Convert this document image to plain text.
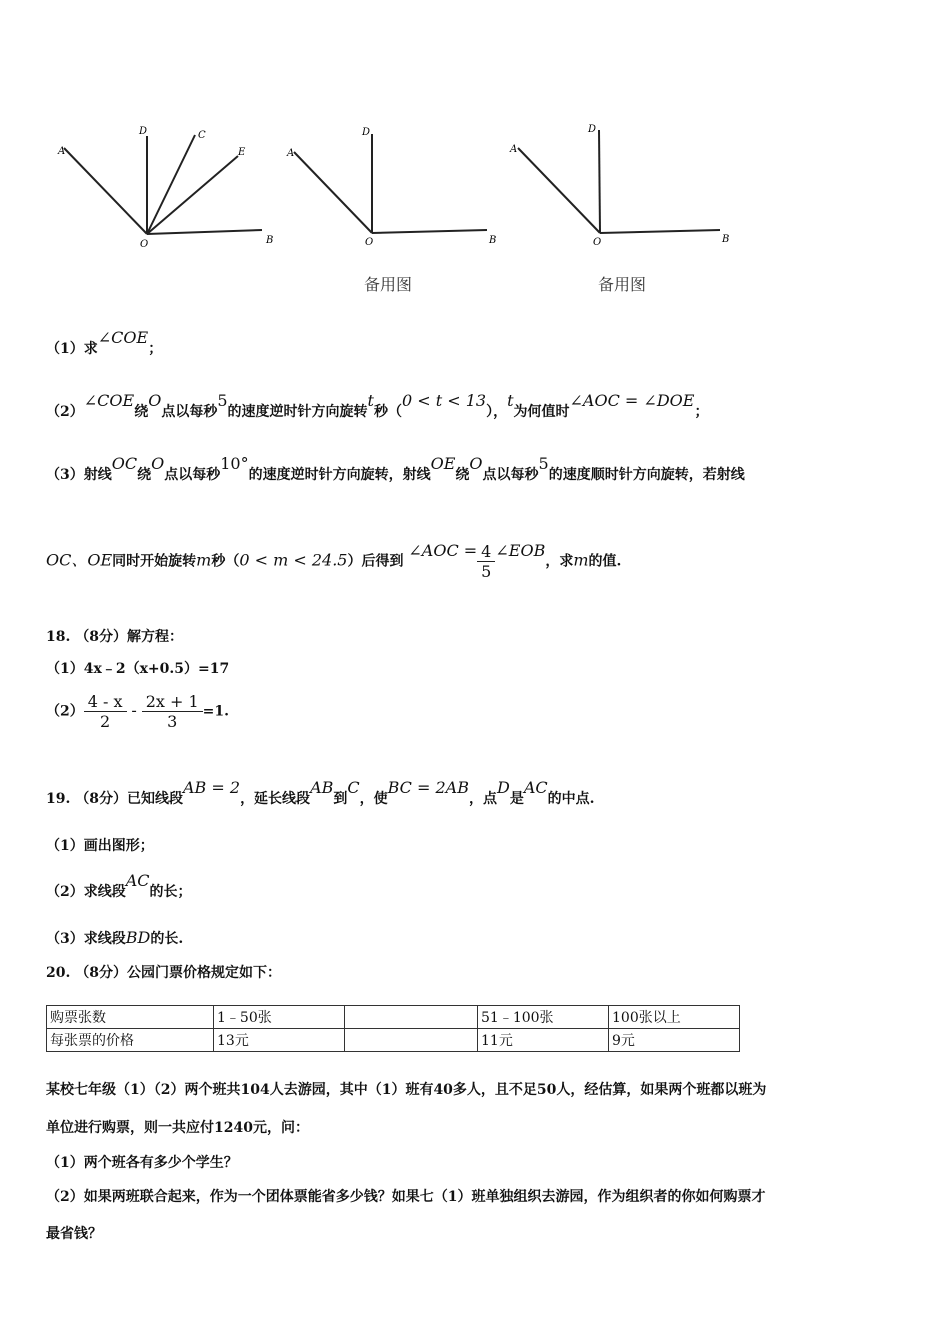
A
D	C
E
O	B
A
D
O	B
A
D
O	B
备用图	备用图
（1）求∠COE；
（2）∠COE绕O点以每秒5的速度逆时针方向旋转t秒（0 < t < 13），t为何值时∠AOC = ∠DOE；
（3）射线OC绕O点以每秒10°的速度逆时针方向旋转，射线OE绕O点以每秒5的速度顺时针方向旋转，若射线
OC、OE同时开始旋转m秒（0 < m < 24.5）后得到 ∠AOC = $\frac{4}{5}$ ∠EOB，求m的值.
18. （8分）解方程：
（1）4x﹣2（x+0.5）=17
$(2) \frac{4 - x}{2} - \frac{2x + 1}{3} =1$.
19. （8分）已知线段AB = 2，延长线段AB到C，使BC = 2AB，点D是AC的中点.
（1）画出图形；
（2）求线段AC的长；
（3）求线段BD的长.
20. （8分）公园门票价格规定如下：
购票张数	1﹣50张		51﹣100张	100张以上
每张票的价格	13元		11元	9元
某校七年级（1）（2）两个班共104人去游园，其中（1）班有40多人，且不足50人，经估算，如果两个班都以班为
单位进行购票，则一共应付1240元，问：
（1）两个班各有多少个学生？
（2）如果两班联合起来，作为一个团体票能省多少钱？如果七（1）班单独组织去游园，作为组织者的你如何购票才
最省钱？
